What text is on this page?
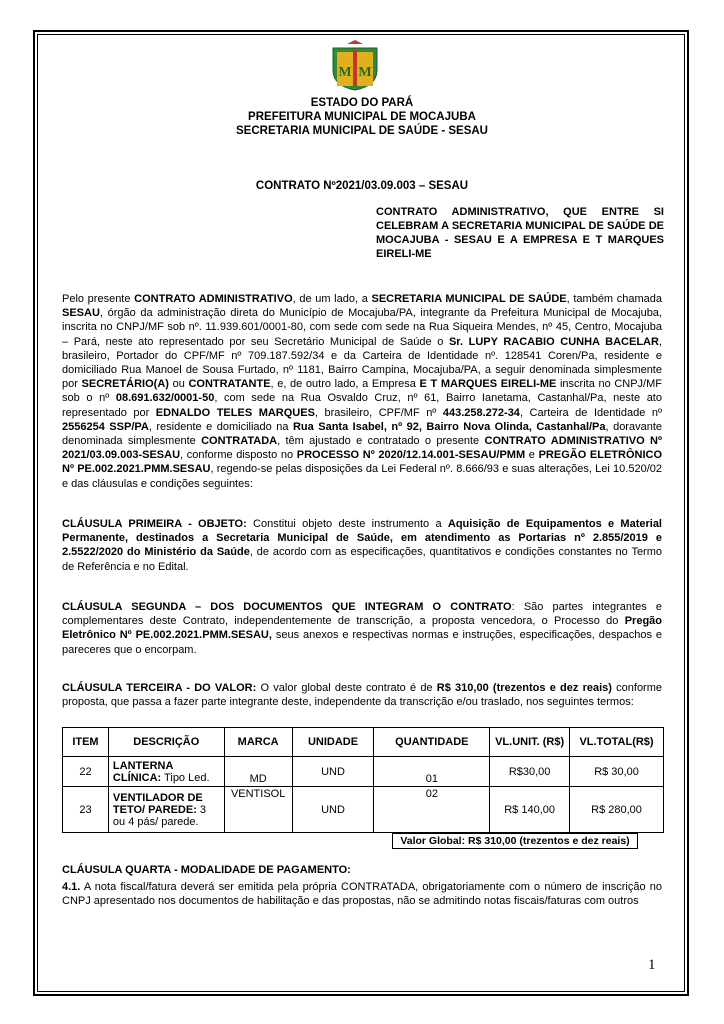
M M
ESTADO DO PARÁ
PREFEITURA MUNICIPAL DE MOCAJUBA
SECRETARIA MUNICIPAL DE SAÚDE - SESAU
CONTRATO Nº2021/03.09.003 – SESAU
CONTRATO ADMINISTRATIVO, QUE ENTRE SI CELEBRAM A SECRETARIA MUNICIPAL DE SAÚDE DE MOCAJUBA - SESAU E A EMPRESA E T MARQUES EIRELI-ME
Pelo presente CONTRATO ADMINISTRATIVO, de um lado, a SECRETARIA MUNICIPAL DE SAÚDE, também chamada SESAU, órgão da administração direta do Município de Mocajuba/PA, integrante da Prefeitura Municipal de Mocajuba, inscrita no CNPJ/MF sob nº. 11.939.601/0001-80, com sede com sede na Rua Siqueira Mendes, nº 45, Centro, Mocajuba – Pará, neste ato representado por seu Secretário Municipal de Saúde o Sr. LUPY RACABIO CUNHA BACELAR, brasileiro, Portador do CPF/MF nº 709.187.592/34 e da Carteira de Identidade nº. 128541 Coren/Pa, residente e domiciliado Rua Manoel de Sousa Furtado, nº 1181, Bairro Campina, Mocajuba/PA, a seguir denominada simplesmente por SECRETÁRIO(A) ou CONTRATANTE, e, de outro lado, a Empresa E T MARQUES EIRELI-ME inscrita no CNPJ/MF sob o nº 08.691.632/0001-50, com sede na Rua Osvaldo Cruz, nº 61, Bairro Ianetama, Castanhal/Pa, neste ato representado por EDNALDO TELES MARQUES, brasileiro, CPF/MF nº 443.258.272-34, Carteira de Identidade nº 2556254 SSP/PA, residente e domiciliado na Rua Santa Isabel, nº 92, Bairro Nova Olinda, Castanhal/Pa, doravante denominada simplesmente CONTRATADA, têm ajustado e contratado o presente CONTRATO ADMINISTRATIVO Nº 2021/03.09.003-SESAU, conforme disposto no PROCESSO Nº 2020/12.14.001-SESAU/PMM e PREGÃO ELETRÔNICO Nº PE.002.2021.PMM.SESAU, regendo-se pelas disposições da Lei Federal nº. 8.666/93 e suas alterações, Lei 10.520/02 e das cláusulas e condições seguintes:
CLÁUSULA PRIMEIRA - OBJETO: Constitui objeto deste instrumento a Aquisição de Equipamentos e Material Permanente, destinados a Secretaria Municipal de Saúde, em atendimento as Portarias nº 2.855/2019 e 2.5522/2020 do Ministério da Saúde, de acordo com as especificações, quantitativos e condições constantes no Termo de Referência e no Edital.
CLÁUSULA SEGUNDA – DOS DOCUMENTOS QUE INTEGRAM O CONTRATO: São partes integrantes e complementares deste Contrato, independentemente de transcrição, a proposta vencedora, o Processo do Pregão Eletrônico Nº PE.002.2021.PMM.SESAU, seus anexos e respectivas normas e instruções, especificações, despachos e pareceres que o encorpam.
CLÁUSULA TERCEIRA - DO VALOR: O valor global deste contrato é de R$ 310,00 (trezentos e dez reais) conforme proposta, que passa a fazer parte integrante deste, independente da transcrição e/ou traslado, nos seguintes termos:
ITEM	DESCRIÇÃO	MARCA	UNIDADE	QUANTIDADE	VL.UNIT. (R$)	VL.TOTAL(R$)
22	LANTERNA CLÍNICA: Tipo Led.	MD	UND	01	R$30,00	R$ 30,00
23	VENTILADOR DE TETO/ PAREDE: 3 ou 4 pás/ parede.	VENTISOL	UND	02	R$ 140,00	R$ 280,00
Valor Global: R$ 310,00 (trezentos e dez reais)
CLÁUSULA QUARTA - MODALIDADE DE PAGAMENTO:
4.1. A nota fiscal/fatura deverá ser emitida pela própria CONTRATADA, obrigatoriamente com o número de inscrição no CNPJ apresentado nos documentos de habilitação e das propostas, não se admitindo notas fiscais/faturas com outros
1
